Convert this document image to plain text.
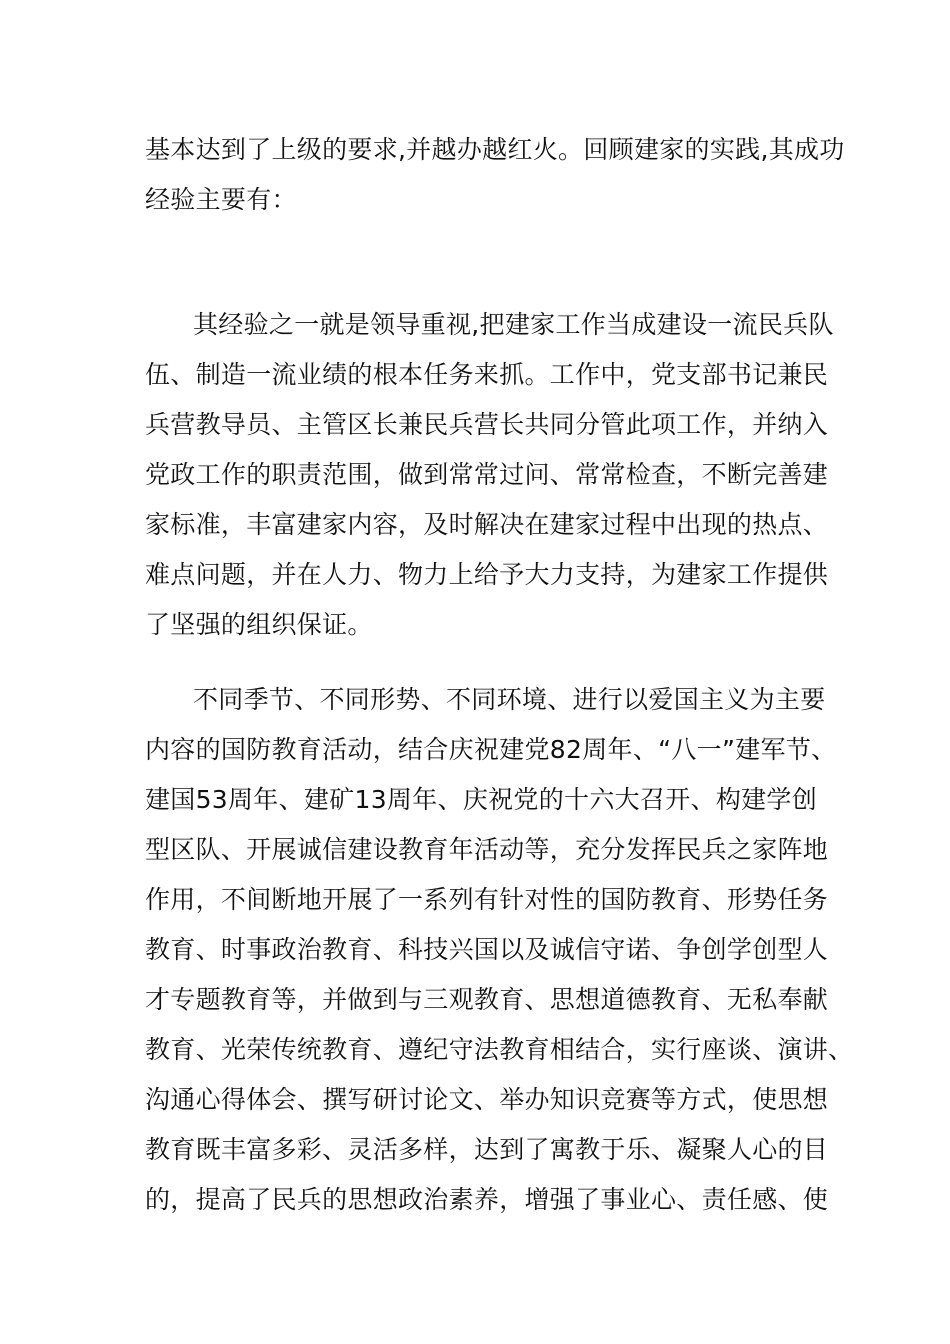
基本达到了上级的要求,并越办越红火。回顾建家的实践,其成功
经验主要有：
其经验之一就是领导重视,把建家工作当成建设一流民兵队
伍、制造一流业绩的根本任务来抓。工作中，党支部书记兼民
兵营教导员、主管区长兼民兵营长共同分管此项工作，并纳入
党政工作的职责范围，做到常常过问、常常检查，不断完善建
家标准，丰富建家内容，及时解决在建家过程中出现的热点、
难点问题，并在人力、物力上给予大力支持，为建家工作提供
了坚强的组织保证。
不同季节、不同形势、不同环境、进行以爱国主义为主要
内容的国防教育活动，结合庆祝建党82周年、“八一”建军节、
建国53周年、建矿13周年、庆祝党的十六大召开、构建学创
型区队、开展诚信建设教育年活动等，充分发挥民兵之家阵地
作用，不间断地开展了一系列有针对性的国防教育、形势任务
教育、时事政治教育、科技兴国以及诚信守诺、争创学创型人
才专题教育等，并做到与三观教育、思想道德教育、无私奉献
教育、光荣传统教育、遵纪守法教育相结合，实行座谈、演讲、
沟通心得体会、撰写研讨论文、举办知识竞赛等方式，使思想
教育既丰富多彩、灵活多样，达到了寓教于乐、凝聚人心的目
的，提高了民兵的思想政治素养，增强了事业心、责任感、使
